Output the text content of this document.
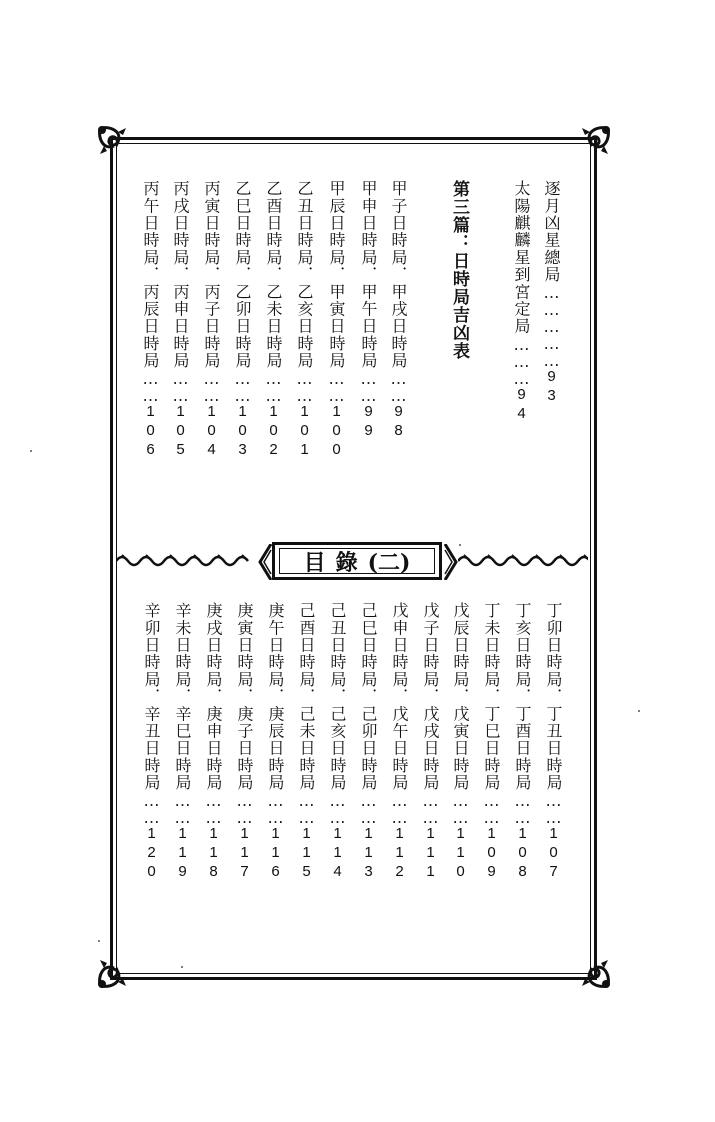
逐月凶星總局……………93
太陽麒麟星到宮定局………94
第三篇：日時局吉凶表
甲子日時局．甲戌日時局……98
甲申日時局．甲午日時局……99
甲辰日時局．甲寅日時局……100
乙丑日時局．乙亥日時局……101
乙酉日時局．乙未日時局……102
乙巳日時局．乙卯日時局……103
丙寅日時局．丙子日時局……104
丙戌日時局．丙申日時局……105
丙午日時局．丙辰日時局……106
目錄 (二)
丁卯日時局．丁丑日時局……107
丁亥日時局．丁酉日時局……108
丁未日時局．丁巳日時局……109
戊辰日時局．戊寅日時局……110
戊子日時局．戊戌日時局……111
戊申日時局．戊午日時局……112
己巳日時局．己卯日時局……113
己丑日時局．己亥日時局……114
己酉日時局．己未日時局……115
庚午日時局．庚辰日時局……116
庚寅日時局．庚子日時局……117
庚戌日時局．庚申日時局……118
辛未日時局．辛巳日時局……119
辛卯日時局．辛丑日時局……120
